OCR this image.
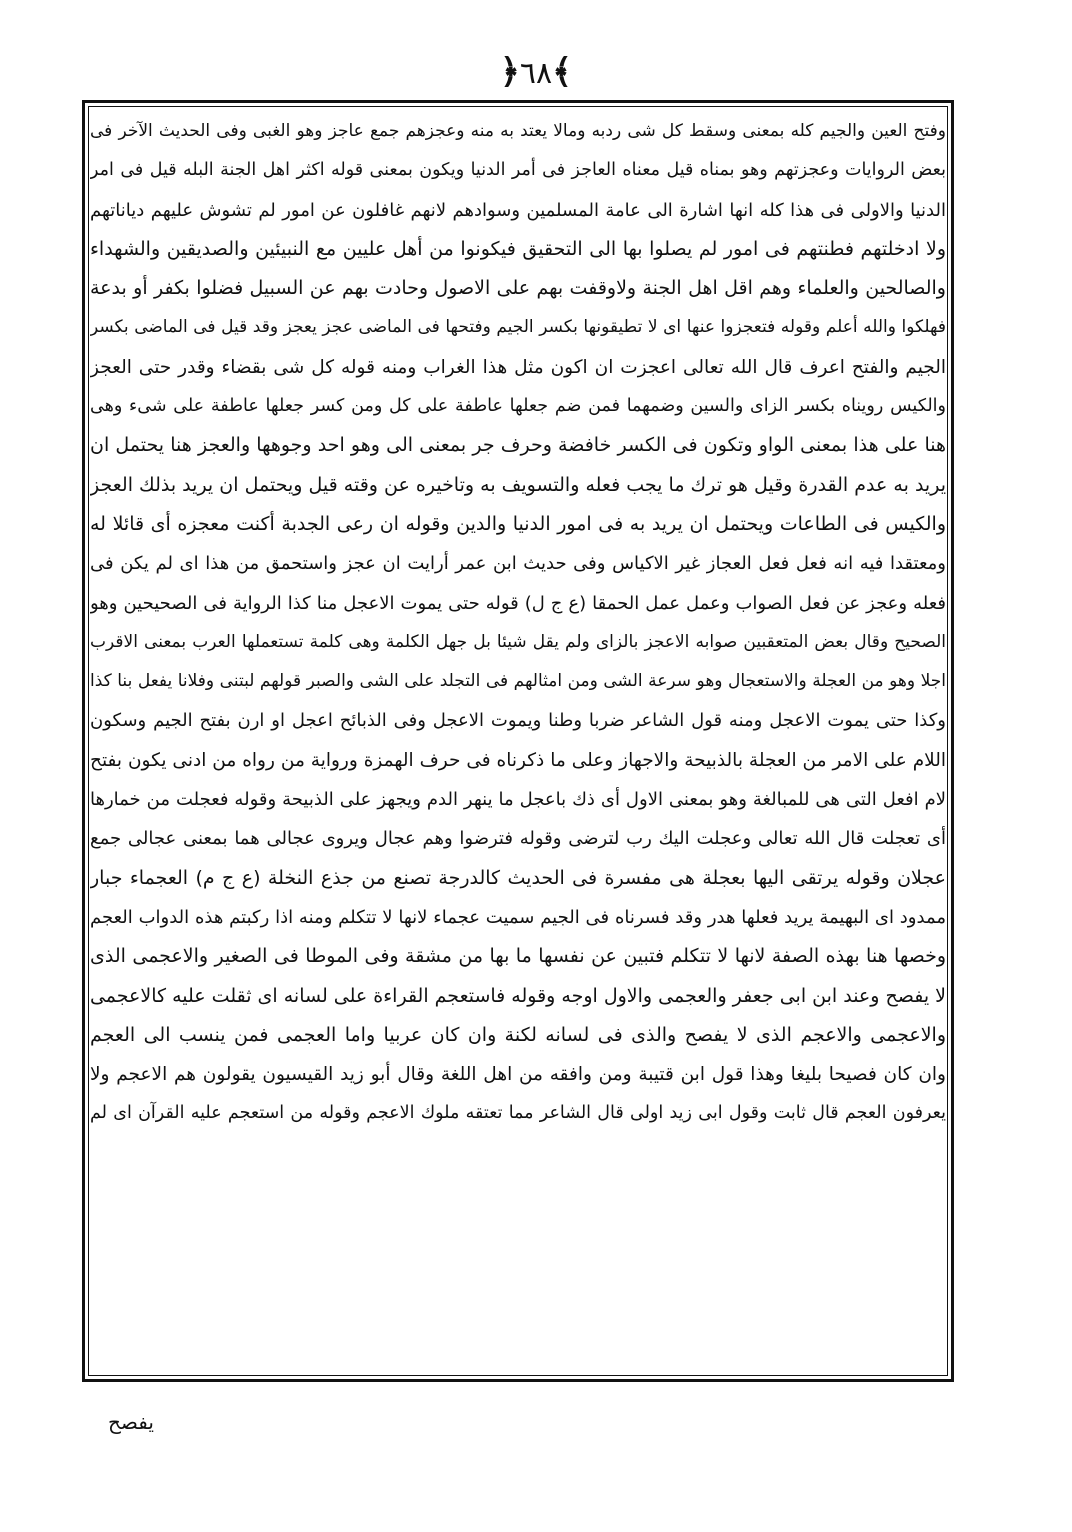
﴾٦٨﴿
وفتح العين والجيم كله بمعنى وسقط كل شى ردبه ومالا يعتد به منه وعجزهم جمع عاجز وهو الغبى وفى الحديث الآخر فى
بعض الروايات وعجزتهم وهو بمناه قيل معناه العاجز فى أمر الدنيا ويكون بمعنى قوله اكثر اهل الجنة البله قيل فى امر
الدنيا والاولى فى هذا كله انها اشارة الى عامة المسلمين وسوادهم لانهم غافلون عن امور لم تشوش عليهم دياناتهم
ولا ادخلتهم فطنتهم فى امور لم يصلوا بها الى التحقيق فيكونوا من أهل عليين مع النبيئين والصديقين والشهداء
والصالحين والعلماء وهم اقل اهل الجنة ولاوقفت بهم على الاصول وحادت بهم عن السبيل فضلوا بكفر أو بدعة
فهلكوا والله أعلم وقوله فتعجزوا عنها اى لا تطيقونها بكسر الجيم وفتحها فى الماضى عجز يعجز وقد قيل فى الماضى بكسر
الجيم والفتح اعرف قال الله تعالى اعجزت ان اكون مثل هذا الغراب ومنه قوله كل شى بقضاء وقدر حتى العجز
والكيس رويناه بكسر الزاى والسين وضمهما فمن ضم جعلها عاطفة على كل ومن كسر جعلها عاطفة على شىء وهى
هنا على هذا بمعنى الواو وتكون فى الكسر خافضة وحرف جر بمعنى الى وهو احد وجوهها والعجز هنا يحتمل ان
يريد به عدم القدرة وقيل هو ترك ما يجب فعله والتسويف به وتاخيره عن وقته قيل ويحتمل ان يريد بذلك العجز
والكيس فى الطاعات ويحتمل ان يريد به فى امور الدنيا والدين وقوله ان رعى الجدبة أكنت معجزه أى قائلا له
ومعتقدا فيه انه فعل فعل العجاز غير الاكياس وفى حديث ابن عمر أرايت ان عجز واستحمق من هذا اى لم يكن فى
فعله وعجز عن فعل الصواب وعمل عمل الحمقا (ع ج ل) قوله حتى يموت الاعجل منا كذا الرواية فى الصحيحين وهو
الصحيح وقال بعض المتعقبين صوابه الاعجز بالزاى ولم يقل شيئا بل جهل الكلمة وهى كلمة تستعملها العرب بمعنى الاقرب
اجلا وهو من العجلة والاستعجال وهو سرعة الشى ومن امثالهم فى التجلد على الشى والصبر قولهم لبتنى وفلانا يفعل بنا كذا
وكذا حتى يموت الاعجل ومنه قول الشاعر ضربا وطنا ويموت الاعجل وفى الذبائح اعجل او ارن بفتح الجيم وسكون
اللام على الامر من العجلة بالذبيحة والاجهاز وعلى ما ذكرناه فى حرف الهمزة ورواية من رواه من ادنى يكون بفتح
لام افعل التى هى للمبالغة وهو بمعنى الاول أى ذك باعجل ما ينهر الدم ويجهز على الذبيحة وقوله فعجلت من خمارها
أى تعجلت قال الله تعالى وعجلت اليك رب لترضى وقوله فترضوا وهم عجال ويروى عجالى هما بمعنى عجالى جمع
عجلان وقوله يرتقى اليها بعجلة هى مفسرة فى الحديث كالدرجة تصنع من جذع النخلة (ع ج م) العجماء جبار
ممدود اى البهيمة يريد فعلها هدر وقد فسرناه فى الجيم سميت عجماء لانها لا تتكلم ومنه اذا ركبتم هذه الدواب العجم
وخصها هنا بهذه الصفة لانها لا تتكلم فتبين عن نفسها ما بها من مشقة وفى الموطا فى الصغير والاعجمى الذى
لا يفصح وعند ابن ابى جعفر والعجمى والاول اوجه وقوله فاستعجم القراءة على لسانه اى ثقلت عليه كالاعجمى
والاعجمى والاعجم الذى لا يفصح والذى فى لسانه لكنة وان كان عربيا واما العجمى فمن ينسب الى العجم
وان كان فصيحا بليغا وهذا قول ابن قتيبة ومن وافقه من اهل اللغة وقال أبو زيد القيسيون يقولون هم الاعجم ولا
يعرفون العجم قال ثابت وقول ابى زيد اولى قال الشاعر مما تعتقه ملوك الاعجم وقوله من استعجم عليه القرآن اى لم
يفصح
